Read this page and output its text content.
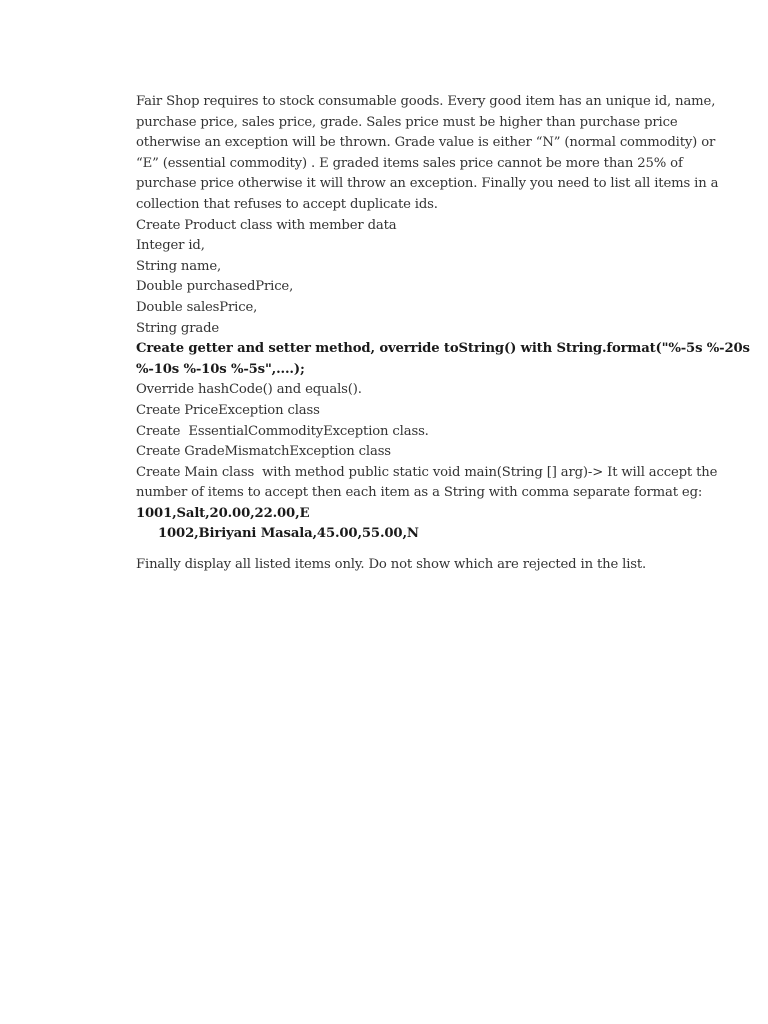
Fair Shop requires to stock consumable goods. Every good item has an unique id, name,
purchase price, sales price, grade. Sales price must be higher than purchase price
otherwise an exception will be thrown. Grade value is either “N” (normal commodity) or
“E” (essential commodity) . E graded items sales price cannot be more than 25% of
purchase price otherwise it will throw an exception. Finally you need to list all items in a
collection that refuses to accept duplicate ids.
Create Product class with member data
Integer id,
String name,
Double purchasedPrice,
Double salesPrice,
String grade
Create getter and setter method, override toString() with String.format("%-5s %-20s
%-10s %-10s %-5s",....);
Override hashCode() and equals().
Create PriceException class
Create  EssentialCommodityException class.
Create GradeMismatchException class
Create Main class  with method public static void main(String [] arg)-> It will accept the
number of items to accept then each item as a String with comma separate format eg:
1001,Salt,20.00,22.00,E
1002,Biriyani Masala,45.00,55.00,N
Finally display all listed items only. Do not show which are rejected in the list.
